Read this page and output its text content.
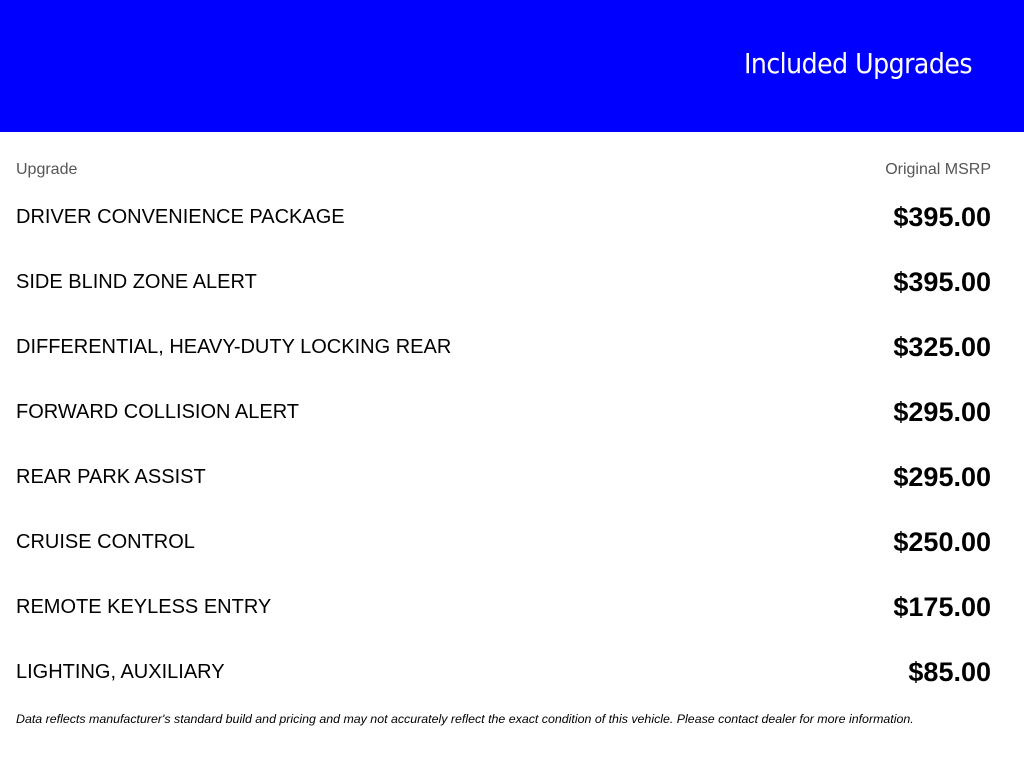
Included Upgrades
Upgrade	Original MSRP
DRIVER CONVENIENCE PACKAGE	$395.00
SIDE BLIND ZONE ALERT	$395.00
DIFFERENTIAL, HEAVY-DUTY LOCKING REAR	$325.00
FORWARD COLLISION ALERT	$295.00
REAR PARK ASSIST	$295.00
CRUISE CONTROL	$250.00
REMOTE KEYLESS ENTRY	$175.00
LIGHTING, AUXILIARY	$85.00
Data reflects manufacturer's standard build and pricing and may not accurately reflect the exact condition of this vehicle. Please contact dealer for more information.
